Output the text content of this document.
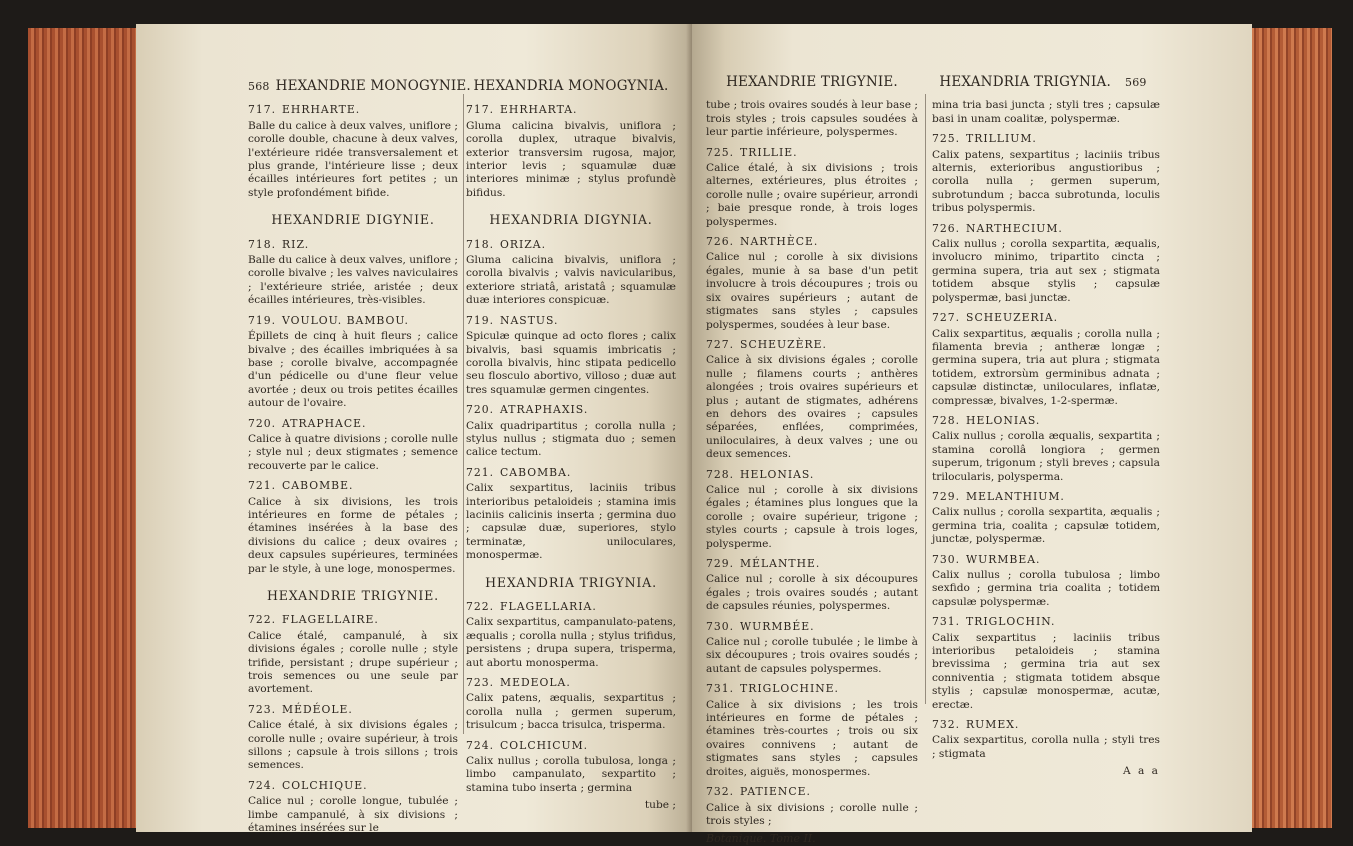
568 HEXANDRIE MONOGYNIE.
717. EHRHARTE.

Balle du calice à deux valves, uniflore ; corolle double, chacune à deux valves, l'extérieure ridée transversalement et plus grande, l'intérieure lisse ; deux écailles intérieures fort petites ; un style profondément bifide.

HEXANDRIE DIGYNIE.
718. RIZ.

Balle du calice à deux valves, uniflore ; corolle bivalve ; les valves naviculaires ; l'extérieure striée, aristée ; deux écailles intérieures, très-visibles.

719. VOULOU. BAMBOU.

Épillets de cinq à huit fleurs ; calice bivalve ; des écailles imbriquées à sa base ; corolle bivalve, accompagnée d'un pédicelle ou d'une fleur velue avortée ; deux ou trois petites écailles autour de l'ovaire.

720. ATRAPHACE.

Calice à quatre divisions ; corolle nulle ; style nul ; deux stigmates ; semence recouverte par le calice.

721. CABOMBE.

Calice à six divisions, les trois intérieures en forme de pétales ; étamines insérées à la base des divisions du calice ; deux ovaires ; deux capsules supérieures, terminées par le style, à une loge, monospermes.

HEXANDRIE TRIGYNIE.
722. FLAGELLAIRE.

Calice étalé, campanulé, à six divisions égales ; corolle nulle ; style trifide, persistant ; drupe supérieur ; trois semences ou une seule par avortement.

723. MÉDÉOLE.

Calice étalé, à six divisions égales ; corolle nulle ; ovaire supérieur, à trois sillons ; capsule à trois sillons ; trois semences.

724. COLCHIQUE.

Calice nul ; corolle longue, tubulée ; limbe campanulé, à six divisions ; étamines insérées sur le

HEXANDRIA MONOGYNIA.
717. EHRHARTA.

Gluma calicina bivalvis, uniflora ; corolla duplex, utraque bivalvis, exterior transversim rugosa, major, interior levis ; squamulæ duæ interiores minimæ ; stylus profundè bifidus.

HEXANDRIA DIGYNIA.
718. ORIZA.

Gluma calicina bivalvis, uniflora ; corolla bivalvis ; valvis navicularibus, exteriore striatâ, aristatâ ; squamulæ duæ interiores conspicuæ.

719. NASTUS.

Spiculæ quinque ad octo flores ; calix bivalvis, basi squamis imbricatis ; corolla bivalvis, hinc stipata pedicello seu flosculo abortivo, villoso ; duæ aut tres squamulæ germen cingentes.

720. ATRAPHAXIS.

Calix quadripartitus ; corolla nulla ; stylus nullus ; stigmata duo ; semen calice tectum.

721. CABOMBA.

Calix sexpartitus, laciniis tribus interioribus petaloideis ; stamina imis laciniis calicinis inserta ; germina duo ; capsulæ duæ, superiores, stylo terminatæ, uniloculares, monospermæ.

HEXANDRIA TRIGYNIA.
722. FLAGELLARIA.

Calix sexpartitus, campanulato-patens, æqualis ; corolla nulla ; stylus trifidus, persistens ; drupa supera, trisperma, aut abortu monosperma.

723. MEDEOLA.

Calix patens, æqualis, sexpartitus ; corolla nulla ; germen superum, trisulcum ; bacca trisulca, trisperma.

724. COLCHICUM.

Calix nullus ; corolla tubulosa, longa ; limbo campanulato, sexpartito ; stamina tubo inserta ; germina

tube ;

HEXANDRIE TRIGYNIE.

tube ; trois ovaires soudés à leur base ; trois styles ; trois capsules soudées à leur partie inférieure, polyspermes.

725. TRILLIE.

Calice étalé, à six divisions ; trois alternes, extérieures, plus étroites ; corolle nulle ; ovaire supérieur, arrondi ; baie presque ronde, à trois loges polyspermes.

726. NARTHÈCE.

Calice nul ; corolle à six divisions égales, munie à sa base d'un petit involucre à trois découpures ; trois ou six ovaires supérieurs ; autant de stigmates sans styles ; capsules polyspermes, soudées à leur base.

727. SCHEUZÈRE.

Calice à six divisions égales ; corolle nulle ; filamens courts ; anthères alongées ; trois ovaires supérieurs et plus ; autant de stigmates, adhérens en dehors des ovaires ; capsules séparées, enflées, comprimées, uniloculaires, à deux valves ; une ou deux semences.

728. HELONIAS.

Calice nul ; corolle à six divisions égales ; étamines plus longues que la corolle ; ovaire supérieur, trigone ; styles courts ; capsule à trois loges, polysperme.

729. MÉLANTHE.

Calice nul ; corolle à six découpures égales ; trois ovaires soudés ; autant de capsules réunies, polyspermes.

730. WURMBÉE.

Calice nul ; corolle tubulée ; le limbe à six découpures ; trois ovaires soudés ; autant de capsules polyspermes.

731. TRIGLOCHINE.

Calice à six divisions ; les trois intérieures en forme de pétales ; étamines très-courtes ; trois ou six ovaires connivens ; autant de stigmates sans styles ; capsules droites, aiguës, monospermes.

732. PATIENCE.

Calice à six divisions ; corolle nulle ; trois styles ;

Botanique. Tome II.

HEXANDRIA TRIGYNIA. 569

mina tria basi juncta ; styli tres ; capsulæ basi in unam coalitæ, polyspermæ.

725. TRILLIUM.

Calix patens, sexpartitus ; laciniis tribus alternis, exterioribus angustioribus ; corolla nulla ; germen superum, subrotundum ; bacca subrotunda, loculis tribus polyspermis.

726. NARTHECIUM.

Calix nullus ; corolla sexpartita, æqualis, involucro minimo, tripartito cincta ; germina supera, tria aut sex ; stigmata totidem absque stylis ; capsulæ polyspermæ, basi junctæ.

727. SCHEUZERIA.

Calix sexpartitus, æqualis ; corolla nulla ; filamenta brevia ; antheræ longæ ; germina supera, tria aut plura ; stigmata totidem, extrorsùm germinibus adnata ; capsulæ distinctæ, uniloculares, inflatæ, compressæ, bivalves, 1-2-spermæ.

728. HELONIAS.

Calix nullus ; corolla æqualis, sexpartita ; stamina corollâ longiora ; germen superum, trigonum ; styli breves ; capsula trilocularis, polysperma.

729. MELANTHIUM.

Calix nullus ; corolla sexpartita, æqualis ; germina tria, coalita ; capsulæ totidem, junctæ, polyspermæ.

730. WURMBEA.

Calix nullus ; corolla tubulosa ; limbo sexfido ; germina tria coalita ; totidem capsulæ polyspermæ.

731. TRIGLOCHIN.

Calix sexpartitus ; laciniis tribus interioribus petaloideis ; stamina brevissima ; germina tria aut sex conniventia ; stigmata totidem absque stylis ; capsulæ monospermæ, acutæ, erectæ.

732. RUMEX.

Calix sexpartitus, corolla nulla ; styli tres ; stigmata

A a a
